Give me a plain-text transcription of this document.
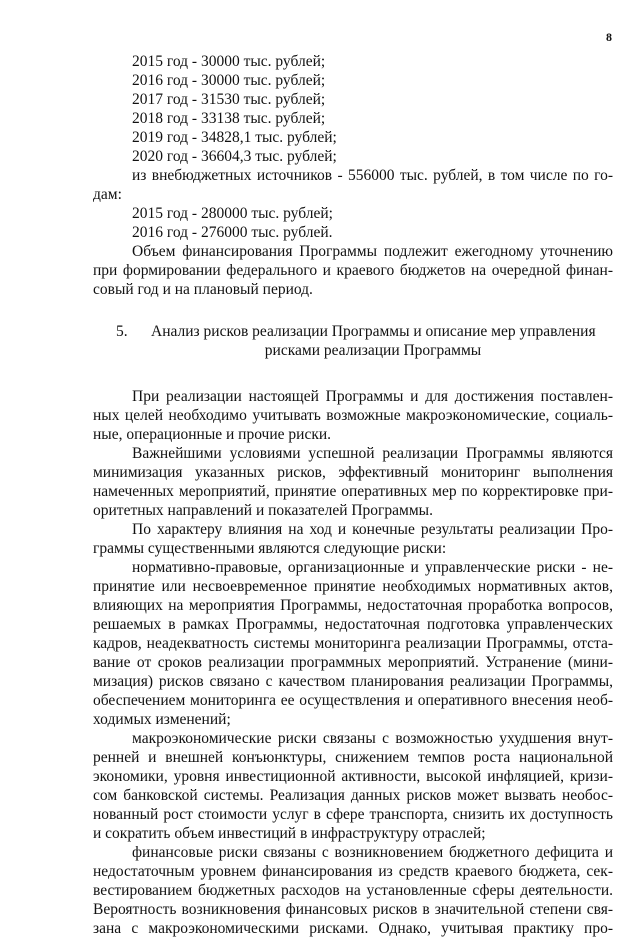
8
2015 год - 30000 тыс. рублей;
2016 год - 30000 тыс. рублей;
2017 год - 31530 тыс. рублей;
2018 год - 33138 тыс. рублей;
2019 год - 34828,1 тыс. рублей;
2020 год - 36604,3 тыс. рублей;
из внебюджетных источников - 556000 тыс. рублей, в том числе по го-
дам:
2015 год - 280000 тыс. рублей;
2016 год - 276000 тыс. рублей.
Объем финансирования Программы подлежит ежегодному уточнению
при формировании федерального и краевого бюджетов на очередной финан-
совый год и на плановый период.
5. Анализ рисков реализации Программы и описание мер управления
рисками реализации Программы
При реализации настоящей Программы и для достижения поставлен-
ных целей необходимо учитывать возможные макроэкономические, социаль-
ные, операционные и прочие риски.
Важнейшими условиями успешной реализации Программы являются
минимизация указанных рисков, эффективный мониторинг выполнения
намеченных мероприятий, принятие оперативных мер по корректировке при-
оритетных направлений и показателей Программы.
По характеру влияния на ход и конечные результаты реализации Про-
граммы существенными являются следующие риски:
нормативно-правовые, организационные и управленческие риски - не-
принятие или несвоевременное принятие необходимых нормативных актов,
влияющих на мероприятия Программы, недостаточная проработка вопросов,
решаемых в рамках Программы, недостаточная подготовка управленческих
кадров, неадекватность системы мониторинга реализации Программы, отста-
вание от сроков реализации программных мероприятий. Устранение (мини-
мизация) рисков связано с качеством планирования реализации Программы,
обеспечением мониторинга ее осуществления и оперативного внесения необ-
ходимых изменений;
макроэкономические риски связаны с возможностью ухудшения внут-
ренней и внешней конъюнктуры, снижением темпов роста национальной
экономики, уровня инвестиционной активности, высокой инфляцией, кризи-
сом банковской системы. Реализация данных рисков может вызвать необос-
нованный рост стоимости услуг в сфере транспорта, снизить их доступность
и сократить объем инвестиций в инфраструктуру отраслей;
финансовые риски связаны с возникновением бюджетного дефицита и
недостаточным уровнем финансирования из средств краевого бюджета, сек-
вестированием бюджетных расходов на установленные сферы деятельности.
Вероятность возникновения финансовых рисков в значительной степени свя-
зана с макроэкономическими рисками. Однако, учитывая практику про-
